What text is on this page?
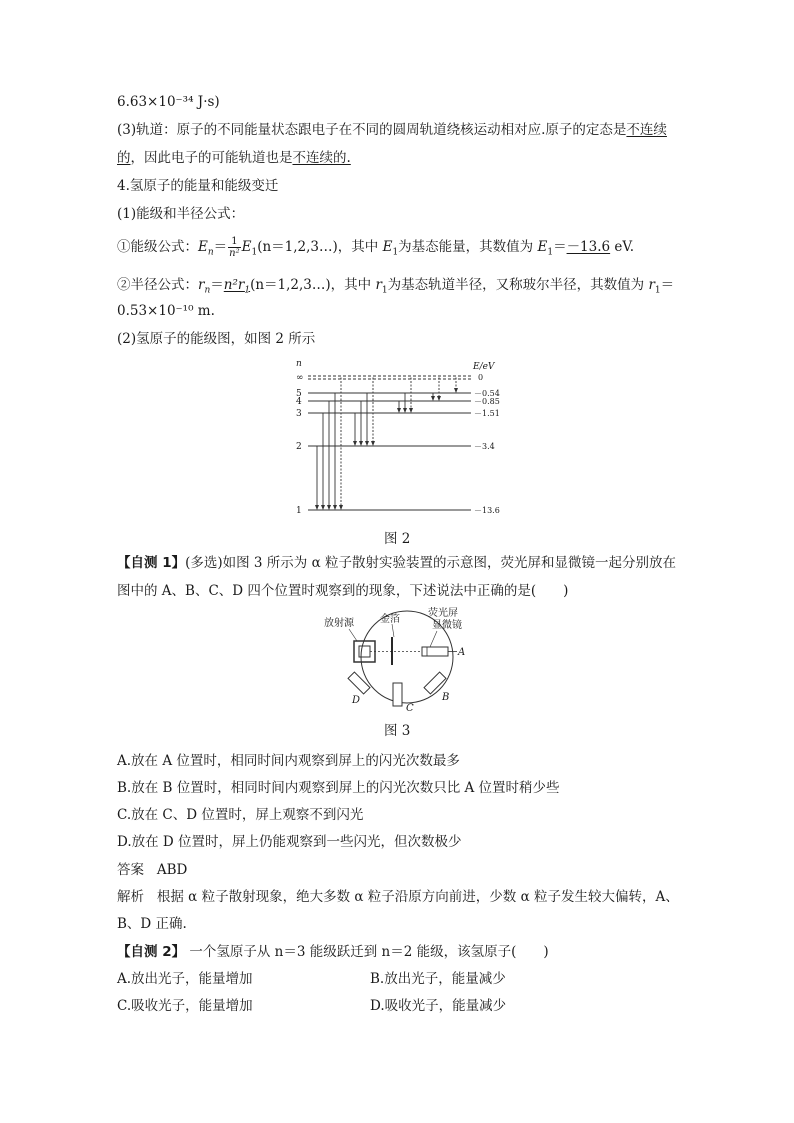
6.63×10⁻³⁴ J·s)
(3)轨道：原子的不同能量状态跟电子在不同的圆周轨道绕核运动相对应.原子的定态是不连续
的，因此电子的可能轨道也是不连续的.
4.氢原子的能量和能级变迁
(1)能级和半径公式：
①能级公式：$E_n= \frac{1}{\text{n²}}$ $E_1(n=1,2,3\dots)$，其中 $E_1$为基态能量，其数值为 $E_1=-13.6$ eV.
②半径公式：$r_n=n^2r_1(n=1,2,3\dots)$，其中 $r_1$为基态轨道半径，又称玻尔半径，其数值为 $r_1=$
0.53×10⁻¹⁰ m.
(2)氢原子的能级图，如图 2 所示
n	E/eV
∞
5
4
3
2
1
0
－0.54
－0.85
－1.51
－3.4
－13.6
图 2
【自测 1】(多选)如图 3 所示为 α 粒子散射实验装置的示意图，荧光屏和显微镜一起分别放在
图中的 A、B、C、D 四个位置时观察到的现象，下述说法中正确的是(　　)
放射源	金箔
荧光屏
显微镜
A
B
C
D
图 3
A.放在 A 位置时，相同时间内观察到屏上的闪光次数最多
B.放在 B 位置时，相同时间内观察到屏上的闪光次数只比 A 位置时稍少些
C.放在 C、D 位置时，屏上观察不到闪光
D.放在 D 位置时，屏上仍能观察到一些闪光，但次数极少
答案 ABD
解析 根据 α 粒子散射现象，绝大多数 α 粒子沿原方向前进，少数 α 粒子发生较大偏转，A、
B、D 正确.
【自测 2】 一个氢原子从 n＝3 能级跃迁到 n＝2 能级，该氢原子(　　)
A.放出光子，能量增加	B.放出光子，能量减少
C.吸收光子，能量增加	D.吸收光子，能量减少
